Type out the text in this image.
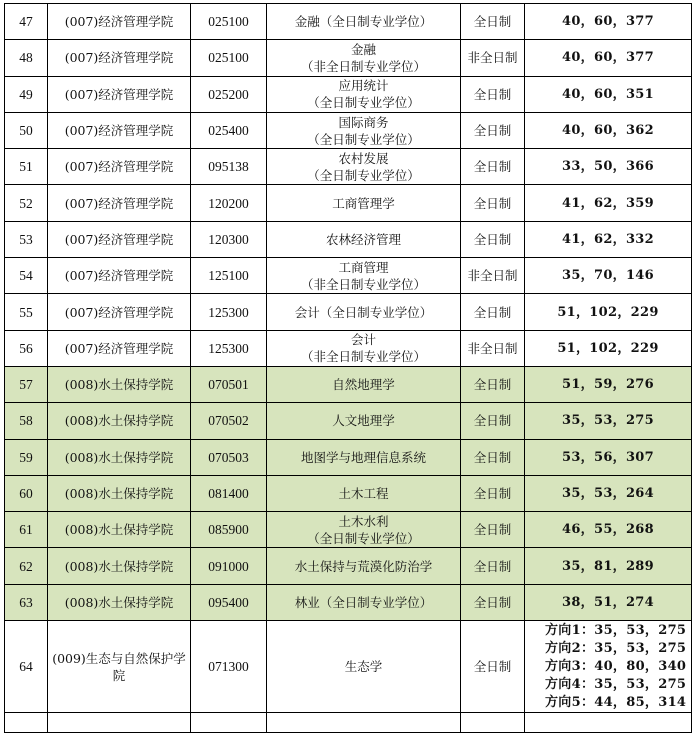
47	(007)经济管理学院	025100	金融（全日制专业学位）	全日制	40，60，377

48	(007)经济管理学院	025100	金融
（非全日制专业学位）	非全日制	40，60，377

49	(007)经济管理学院	025200	应用统计
（全日制专业学位）	全日制	40，60，351

50	(007)经济管理学院	025400	国际商务
（全日制专业学位）	全日制	40，60，362

51	(007)经济管理学院	095138	农村发展
（全日制专业学位）	全日制	33，50，366

52	(007)经济管理学院	120200	工商管理学	全日制	41，62，359

53	(007)经济管理学院	120300	农林经济管理	全日制	41，62，332

54	(007)经济管理学院	125100	工商管理
（非全日制专业学位）	非全日制	35，70，146

55	(007)经济管理学院	125300	会计（全日制专业学位）	全日制	51，102，229

56	(007)经济管理学院	125300	会计
（非全日制专业学位）	非全日制	51，102，229

57	(008)水土保持学院	070501	自然地理学	全日制	51，59，276

58	(008)水土保持学院	070502	人文地理学	全日制	35，53，275

59	(008)水土保持学院	070503	地图学与地理信息系统	全日制	53，56，307

60	(008)水土保持学院	081400	土木工程	全日制	35，53，264

61	(008)水土保持学院	085900	土木水利
（全日制专业学位）	全日制	46，55，268

62	(008)水土保持学院	091000	水土保持与荒漠化防治学	全日制	35，81，289

63	(008)水土保持学院	095400	林业（全日制专业学位）	全日制	38，51，274

64	(009)生态与自然保护学院	071300	生态学	全日制	方向1：35，53，275
方向2：35，53，275
方向3：40，80，340
方向4：35，53，275
方向5：44，85，314
